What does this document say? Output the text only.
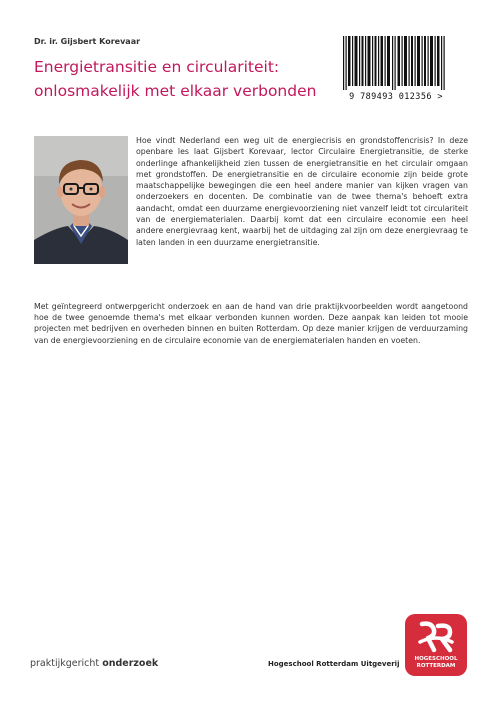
Dr. ir. Gijsbert Korevaar
Energietransitie en circulariteit:
onlosmakelijk met elkaar verbonden	9 789493 012356 >

Hoe vindt Nederland een weg uit de energiecrisis en grondstoffencrisis? In deze openbare les laat Gijsbert Korevaar, lector Circulaire Energietransitie, de sterke onderlinge afhankelijkheid zien tussen de energietransitie en het circulair omgaan met grondstoffen. De energietransitie en de circulaire economie zijn beide grote maatschappelijke bewegingen die een heel andere manier van kijken vragen van onderzoekers en docenten. De combinatie van de twee thema's behoeft extra aandacht, omdat een duurzame energievoorziening niet vanzelf leidt tot circulariteit van de energiematerialen. Daarbij komt dat een circulaire economie een heel andere energievraag kent, waarbij het de uitdaging zal zijn om deze energievraag te laten landen in een duurzame energietransitie.

Met geïntegreerd ontwerpgericht onderzoek en aan de hand van drie praktijkvoorbeelden wordt aangetoond hoe de twee genoemde thema's met elkaar verbonden kunnen worden. Deze aanpak kan leiden tot mooie projecten met bedrijven en overheden binnen en buiten Rotterdam. Op deze manier krijgen de verduurzaming van de energievoorziening en de circulaire economie van de energiematerialen handen en voeten.

praktijkgericht onderzoek	Hogeschool Rotterdam Uitgeverij
HOGESCHOOL
ROTTERDAM
